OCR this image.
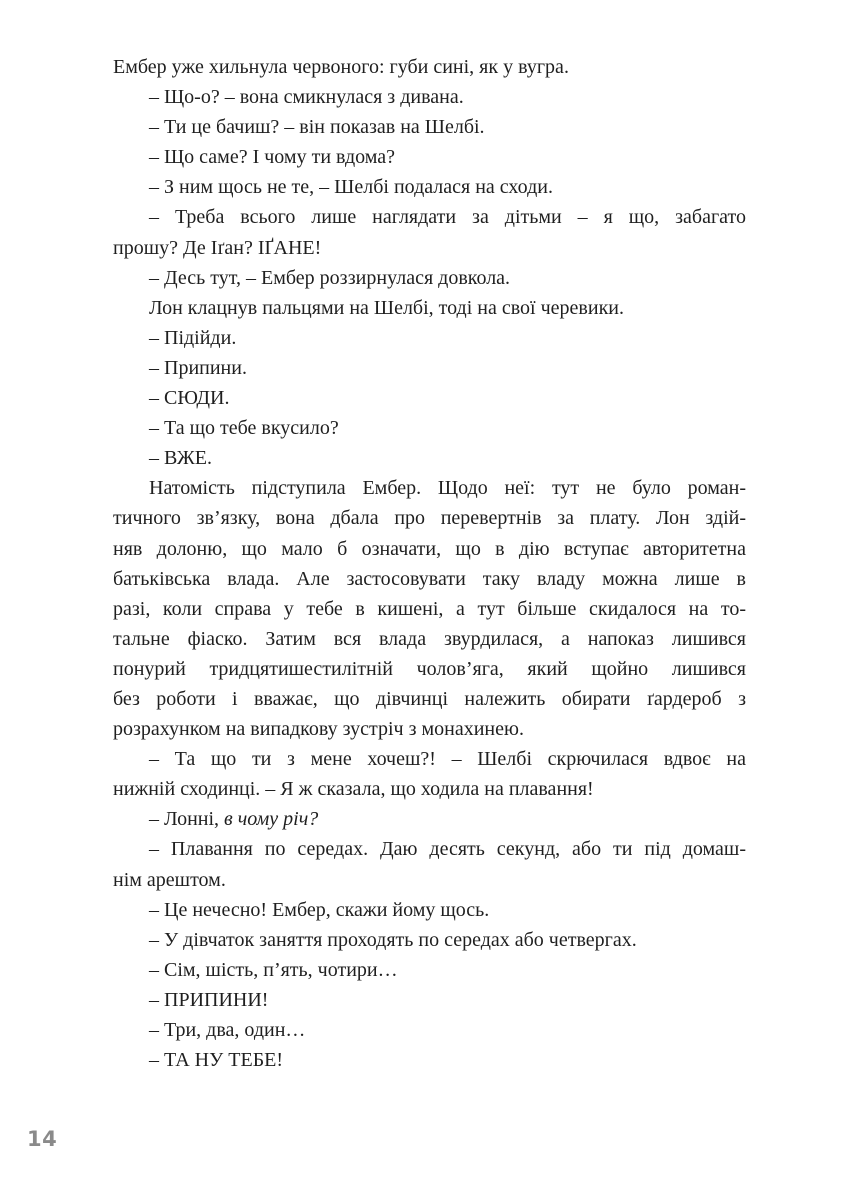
Ембер уже хильнула червоного: губи сині, як у вугра.
– Що-о? – вона смикнулася з дивана.
– Ти це бачиш? – він показав на Шелбі.
– Що саме? І чому ти вдома?
– З ним щось не те, – Шелбі подалася на сходи.
– Треба всього лише наглядати за дітьми – я що, забагато
прошу? Де Іґан? ІҐАНЕ!
– Десь тут, – Ембер роззирнулася довкола.
Лон клацнув пальцями на Шелбі, тоді на свої черевики.
– Підійди.
– Припини.
– СЮДИ.
– Та що тебе вкусило?
– ВЖЕ.
Натомість підступила Ембер. Щодо неї: тут не було роман-
тичного зв’язку, вона дбала про перевертнів за плату. Лон здій-
няв долоню, що мало б означати, що в дію вступає авторитетна
батьківська влада. Але застосовувати таку владу можна лише в
разі, коли справа у тебе в кишені, а тут більше скидалося на то-
тальне фіаско. Затим вся влада звурдилася, а напоказ лишився
понурий тридцятишестилітній чолов’яга, який щойно лишився
без роботи і вважає, що дівчинці належить обирати ґардероб з
розрахунком на випадкову зустріч з монахинею.
– Та що ти з мене хочеш?! – Шелбі скрючилася вдвоє на
нижній сходинці. – Я ж сказала, що ходила на плавання!
– Лонні, в чому річ?
– Плавання по середах. Даю десять секунд, або ти під домаш-
нім арештом.
– Це нечесно! Ембер, скажи йому щось.
– У дівчаток заняття проходять по середах або четвергах.
– Сім, шість, п’ять, чотири…
– ПРИПИНИ!
– Три, два, один…
– ТА НУ ТЕБЕ!
14
